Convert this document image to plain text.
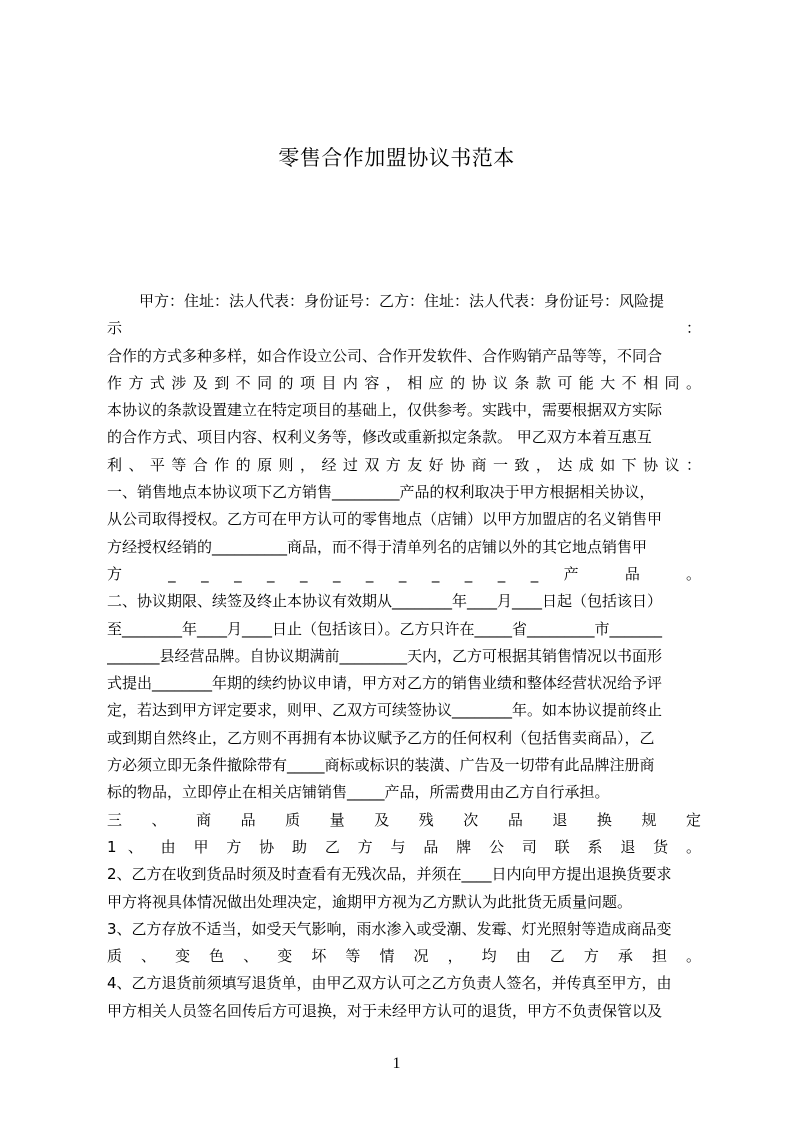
零售合作加盟协议书范本
甲方：住址：法人代表：身份证号：乙方：住址：法人代表：身份证号：风险提
示 ：
合作的方式多种多样，如合作设立公司、合作开发软件、合作购销产品等等，不同合
作方式涉及到不同的项目内容，相应的协议条款可能大不相同。
本协议的条款设置建立在特定项目的基础上，仅供参考。实践中，需要根据双方实际
的合作方式、项目内容、权利义务等，修改或重新拟定条款。 甲乙双方本着互惠互
利、平等合作的原则，经过双方友好协商一致，达成如下协议：
一、销售地点本协议项下乙方销售_________产品的权利取决于甲方根据相关协议，
从公司取得授权。乙方可在甲方认可的零售地点（店铺）以甲方加盟店的名义销售甲
方经授权经销的__________商品，而不得于清单列名的店铺以外的其它地点销售甲
方 _ _ _ _ _ _ _ _ _ _ _ _ 产 品 。
二、协议期限、续签及终止本协议有效期从________年____月____日起（包括该日）
至________年____月____日止（包括该日）。乙方只许在_____省_________市_______
_______县经营品牌。自协议期满前_________天内，乙方可根据其销售情况以书面形
式提出________年期的续约协议申请，甲方对乙方的销售业绩和整体经营状况给予评
定，若达到甲方评定要求，则甲、乙双方可续签协议________年。如本协议提前终止
或到期自然终止，乙方则不再拥有本协议赋予乙方的任何权利（包括售卖商品），乙
方必须立即无条件撤除带有_____商标或标识的装潢、广告及一切带有此品牌注册商
标的物品，立即停止在相关店铺销售_____产品，所需费用由乙方自行承担。
三 、 商 品 质 量 及 残 次 品 退 换 规 定
1 、 由 甲 方 协 助 乙 方 与 品 牌 公 司 联 系 退 货 。
2、乙方在收到货品时须及时查看有无残次品，并须在____日内向甲方提出退换货要求
甲方将视具体情况做出处理决定，逾期甲方视为乙方默认为此批货无质量问题。
3、乙方存放不适当，如受天气影响，雨水渗入或受潮、发霉、灯光照射等造成商品变
质 、 变 色 、 变 坏 等 情 况 ， 均 由 乙 方 承 担 。
4、乙方退货前须填写退货单，由甲乙双方认可之乙方负责人签名，并传真至甲方，由
甲方相关人员签名回传后方可退换，对于未经甲方认可的退货，甲方不负责保管以及
1
